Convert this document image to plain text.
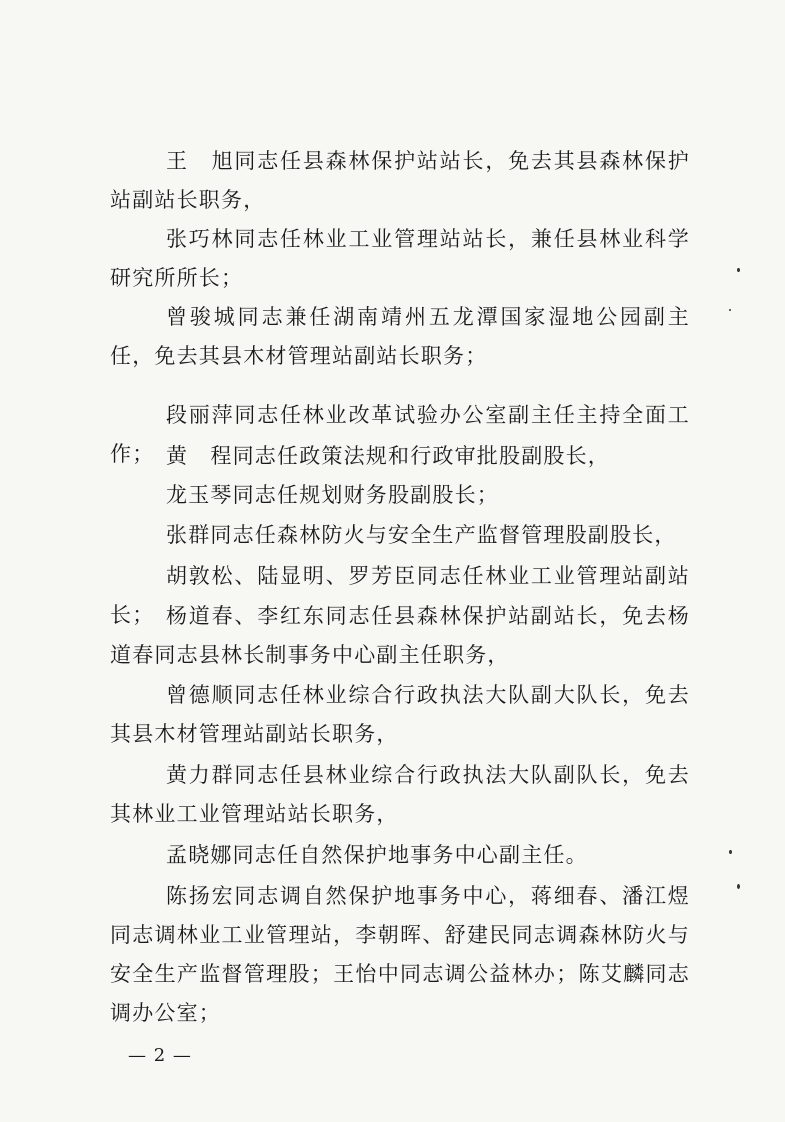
王　旭同志任县森林保护站站长，免去其县森林保护站副站长职务，
张巧林同志任林业工业管理站站长，兼任县林业科学研究所所长；
曾骏城同志兼任湖南靖州五龙潭国家湿地公园副主任，免去其县木材管理站副站长职务；
段丽萍同志任林业改革试验办公室副主任主持全面工作； 黄　程同志任政策法规和行政审批股副股长，
龙玉琴同志任规划财务股副股长；
张群同志任森林防火与安全生产监督管理股副股长，
胡敦松、陆显明、罗芳臣同志任林业工业管理站副站长； 杨道春、李红东同志任县森林保护站副站长，免去杨道春同志县林长制事务中心副主任职务，
曾德顺同志任林业综合行政执法大队副大队长，免去其县木材管理站副站长职务，
黄力群同志任县林业综合行政执法大队副队长，免去其林业工业管理站站长职务，
孟晓娜同志任自然保护地事务中心副主任。
陈扬宏同志调自然保护地事务中心，蒋细春、潘江煜同志调林业工业管理站，李朝晖、舒建民同志调森林防火与安全生产监督管理股；王怡中同志调公益林办；陈艾麟同志调办公室；
— 2 —
